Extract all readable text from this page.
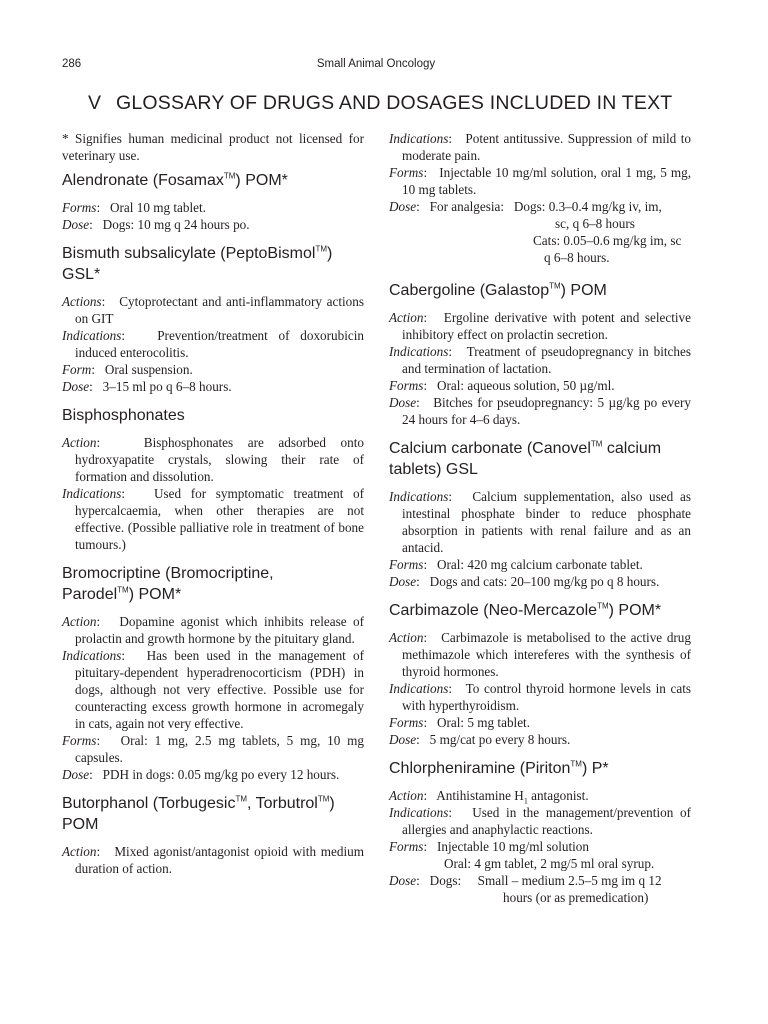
286	Small Animal Oncology
V GLOSSARY OF DRUGS AND DOSAGES INCLUDED IN TEXT

* Signifies human medicinal product not licensed for veterinary use.

Alendronate (Fosamax™) POM*

Forms:   Oral 10 mg tablet.

Dose:   Dogs: 10 mg q 24 hours po.

Bismuth subsalicylate (PeptoBismol™)
GSL*

Actions:   Cytoprotectant and anti-inflammatory actions on GIT

Indications:   Prevention/treatment of doxorubicin induced enterocolitis.

Form:   Oral suspension.

Dose:   3–15 ml po q 6–8 hours.

Bisphosphonates

Action:   Bisphosphonates are adsorbed onto hydroxyapatite crystals, slowing their rate of formation and dissolution.

Indications:   Used for symptomatic treatment of hypercalcaemia, when other therapies are not effective. (Possible palliative role in treatment of bone tumours.)

Bromocriptine (Bromocriptine,
Parodel™) POM*

Action:   Dopamine agonist which inhibits release of prolactin and growth hormone by the pituitary gland.

Indications:   Has been used in the management of pituitary-dependent hyperadrenocorticism (PDH) in dogs, although not very effective. Possible use for counteracting excess growth hormone in acromegaly in cats, again not very effective.

Forms:   Oral: 1 mg, 2.5 mg tablets, 5 mg, 10 mg capsules.

Dose:   PDH in dogs: 0.05 mg/kg po every 12 hours.

Butorphanol (Torbugesic™, Torbutrol™)
POM

Action:   Mixed agonist/antagonist opioid with medium duration of action.

Indications:   Potent antitussive. Suppression of mild to moderate pain.

Forms:   Injectable 10 mg/ml solution, oral 1 mg, 5 mg, 10 mg tablets.

Dose:   For analgesia: Dogs: 0.3–0.4 mg/kg iv, im,

sc, q 6–8 hours

Cats: 0.05–0.6 mg/kg im, sc

q 6–8 hours.

Cabergoline (Galastop™) POM

Action:   Ergoline derivative with potent and selective inhibitory effect on prolactin secretion.

Indications:   Treatment of pseudopregnancy in bitches and termination of lactation.

Forms:   Oral: aqueous solution, 50 µg/ml.

Dose:   Bitches for pseudopregnancy: 5 µg/kg po every 24 hours for 4–6 days.

Calcium carbonate (Canovel™ calcium
tablets) GSL

Indications:   Calcium supplementation, also used as intestinal phosphate binder to reduce phosphate absorption in patients with renal failure and as an antacid.

Forms:   Oral: 420 mg calcium carbonate tablet.

Dose:   Dogs and cats: 20–100 mg/kg po q 8 hours.

Carbimazole (Neo-Mercazole™) POM*

Action:   Carbimazole is metabolised to the active drug methimazole which intereferes with the synthesis of thyroid hormones.

Indications:   To control thyroid hormone levels in cats with hyperthyroidism.

Forms:   Oral: 5 mg tablet.

Dose:   5 mg/cat po every 8 hours.

Chlorpheniramine (Piriton™) P*

Action:   Antihistamine $H_1$ antagonist.

Indications:   Used in the management/prevention of allergies and anaphylactic reactions.

Forms:   Injectable 10 mg/ml solution

Oral: 4 gm tablet, 2 mg/5 ml oral syrup.

Dose:   Dogs: Small – medium 2.5–5 mg im q 12

hours (or as premedication)
